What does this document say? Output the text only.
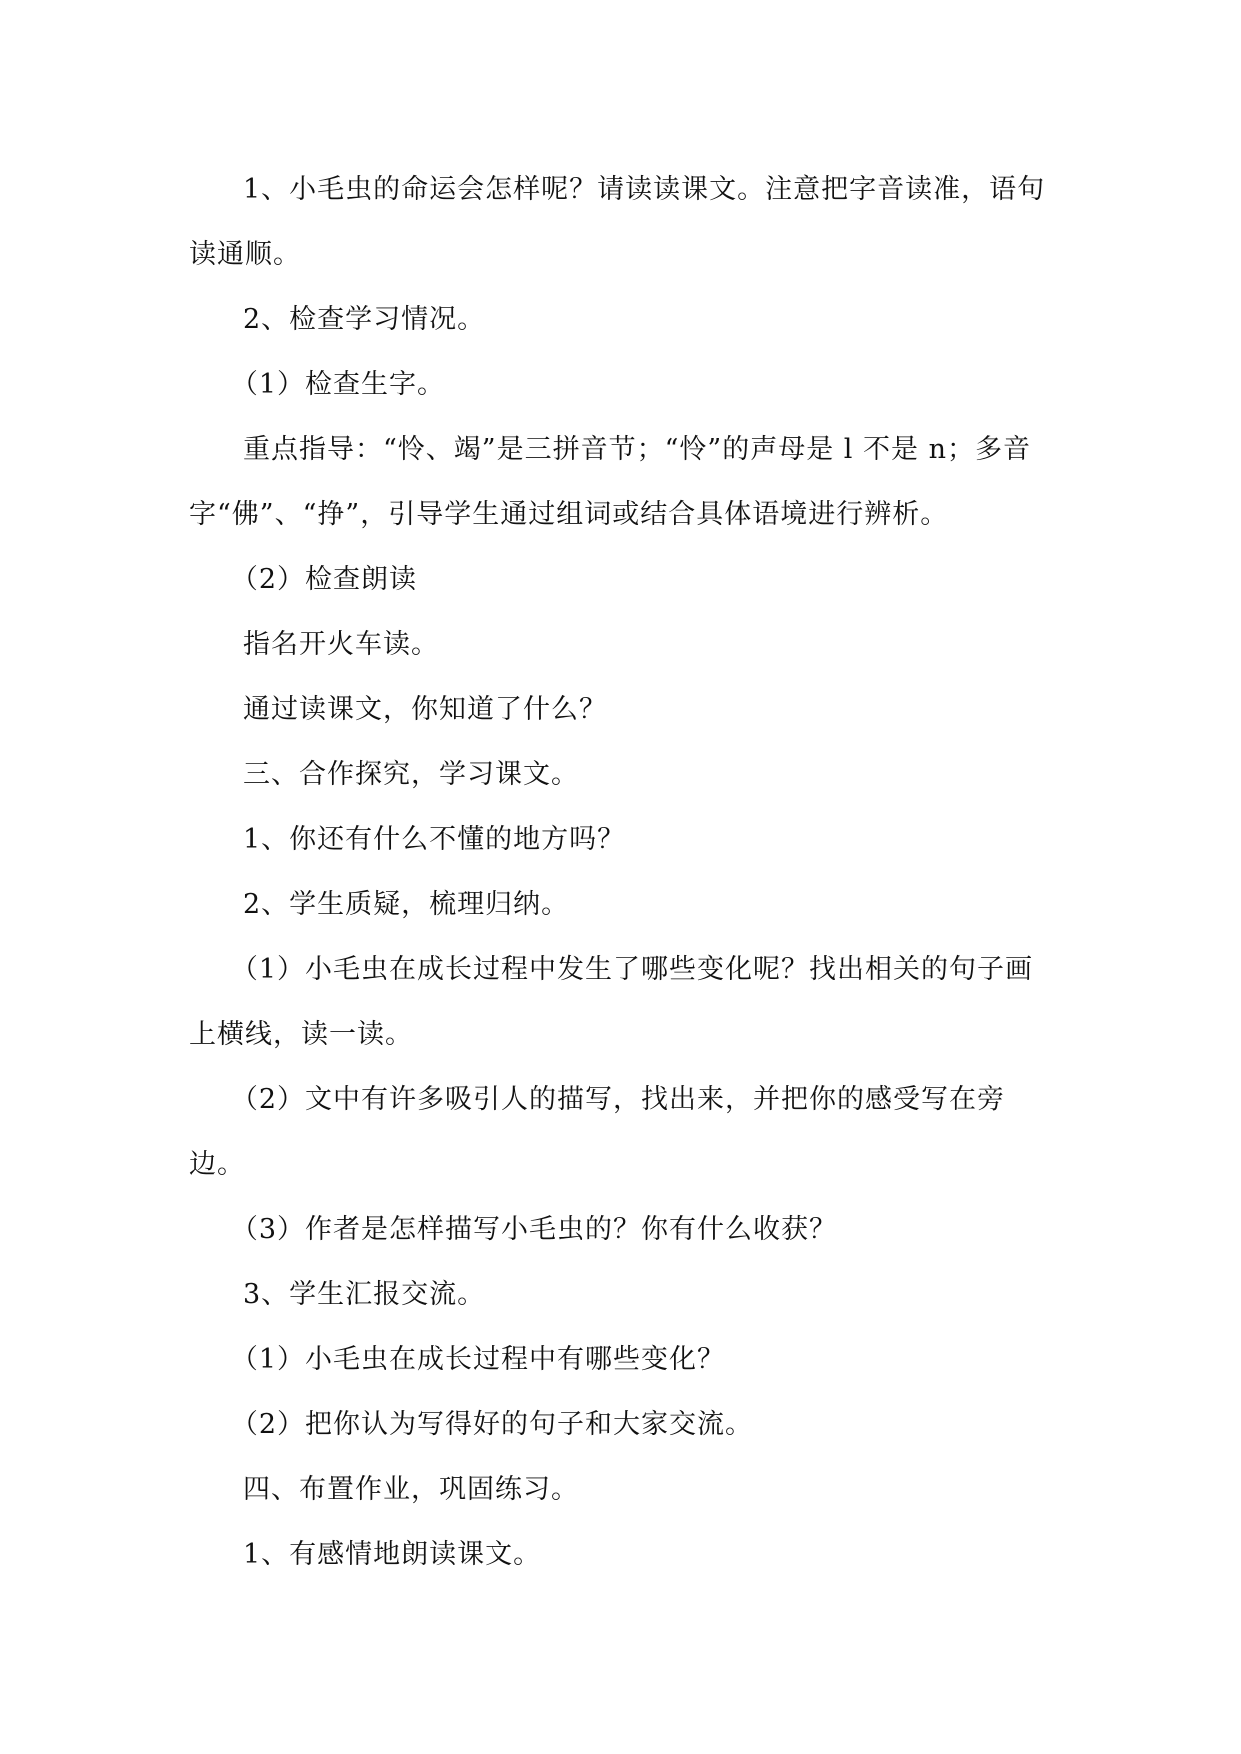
1、小毛虫的命运会怎样呢？请读读课文。注意把字音读准，语句读通顺。

2、检查学习情况。

（1）检查生字。

重点指导：“怜、竭”是三拼音节；“怜”的声母是 l 不是 n；多音字“佛”、“挣”，引导学生通过组词或结合具体语境进行辨析。

（2）检查朗读

指名开火车读。

通过读课文，你知道了什么？

三、合作探究，学习课文。

1、你还有什么不懂的地方吗？

2、学生质疑，梳理归纳。

（1）小毛虫在成长过程中发生了哪些变化呢？找出相关的句子画上横线，读一读。

（2）文中有许多吸引人的描写，找出来，并把你的感受写在旁边。

（3）作者是怎样描写小毛虫的？你有什么收获？

3、学生汇报交流。

（1）小毛虫在成长过程中有哪些变化？

（2）把你认为写得好的句子和大家交流。

四、布置作业，巩固练习。

1、有感情地朗读课文。
